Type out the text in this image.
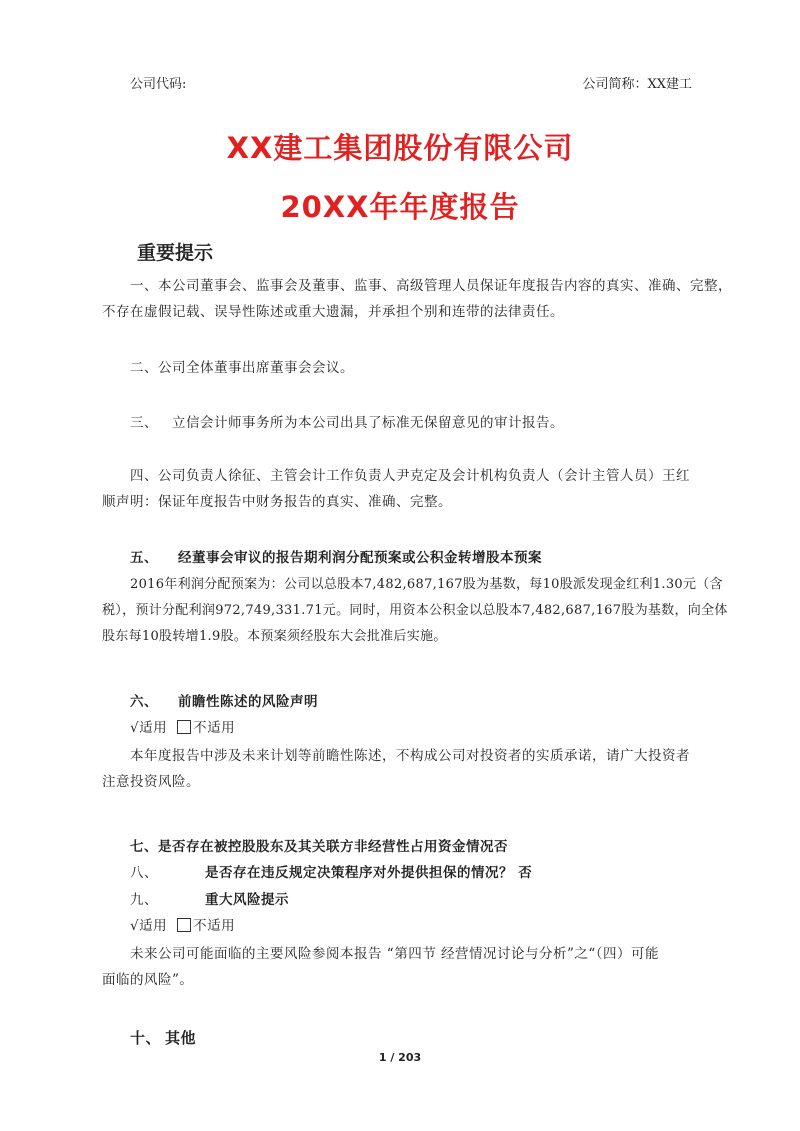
公司代码:	公司简称：XX建工
XX建工集团股份有限公司
20XX年年度报告
重要提示
一、本公司董事会、监事会及董事、监事、高级管理人员保证年度报告内容的真实、准确、完整，
不存在虚假记载、误导性陈述或重大遗漏，并承担个别和连带的法律责任。
二、公司全体董事出席董事会会议。
三、 立信会计师事务所为本公司出具了标准无保留意见的审计报告。
四、公司负责人徐征、主管会计工作负责人尹克定及会计机构负责人（会计主管人员）王红
顺声明：保证年度报告中财务报告的真实、准确、完整。
五、 经董事会审议的报告期利润分配预案或公积金转增股本预案
2016年利润分配预案为：公司以总股本7,482,687,167股为基数，每10股派发现金红利1.30元（含
税），预计分配利润972,749,331.71元。同时，用资本公积金以总股本7,482,687,167股为基数，向全体
股东每10股转增1.9股。本预案须经股东大会批准后实施。
六、 前瞻性陈述的风险声明
√适用 不适用
本年度报告中涉及未来计划等前瞻性陈述，不构成公司对投资者的实质承诺，请广大投资者
注意投资风险。
七、是否存在被控股股东及其关联方非经营性占用资金情况否
八、	是否存在违反规定决策程序对外提供担保的情况？ 否
九、	重大风险提示
√适用 不适用
未来公司可能面临的主要风险参阅本报告 “第四节 经营情况讨论与分析”之“（四）可能
面临的风险”。
十、 其他
1 / 203
